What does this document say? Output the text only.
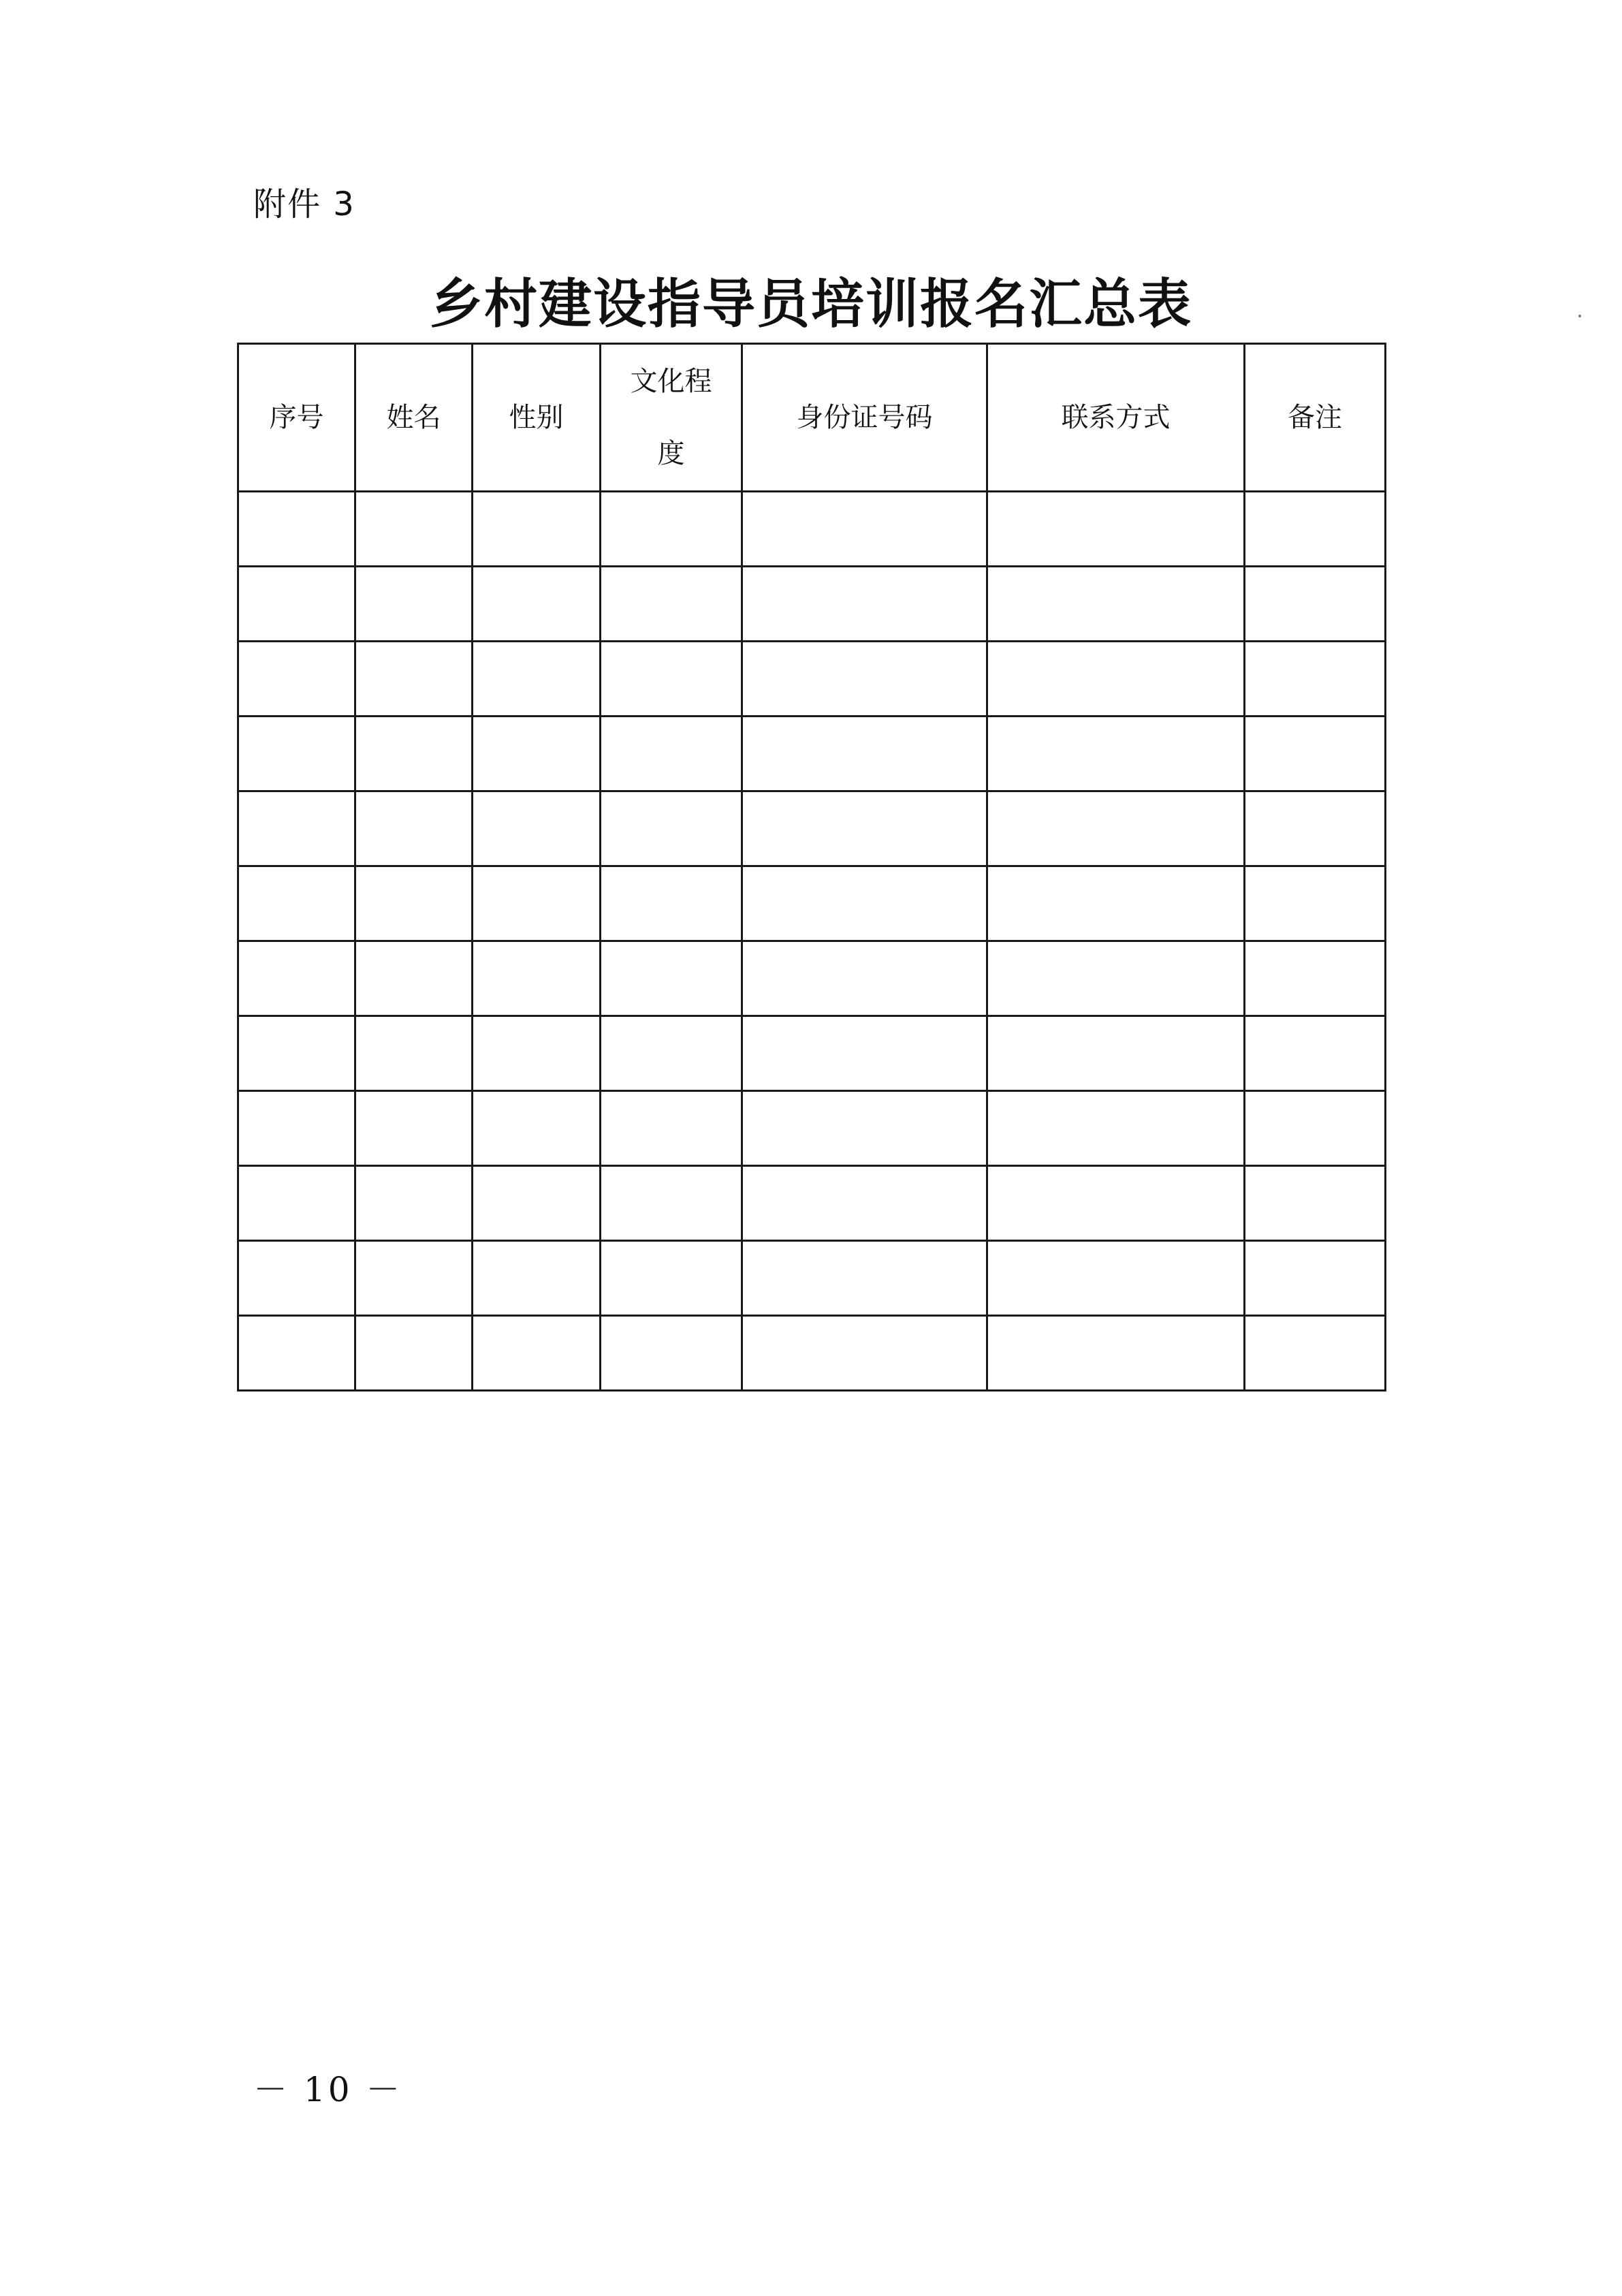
附件 3
乡村建设指导员培训报名汇总表
序号	姓名	性别	文化程度	身份证号码	联系方式	备注

－ 10 －
